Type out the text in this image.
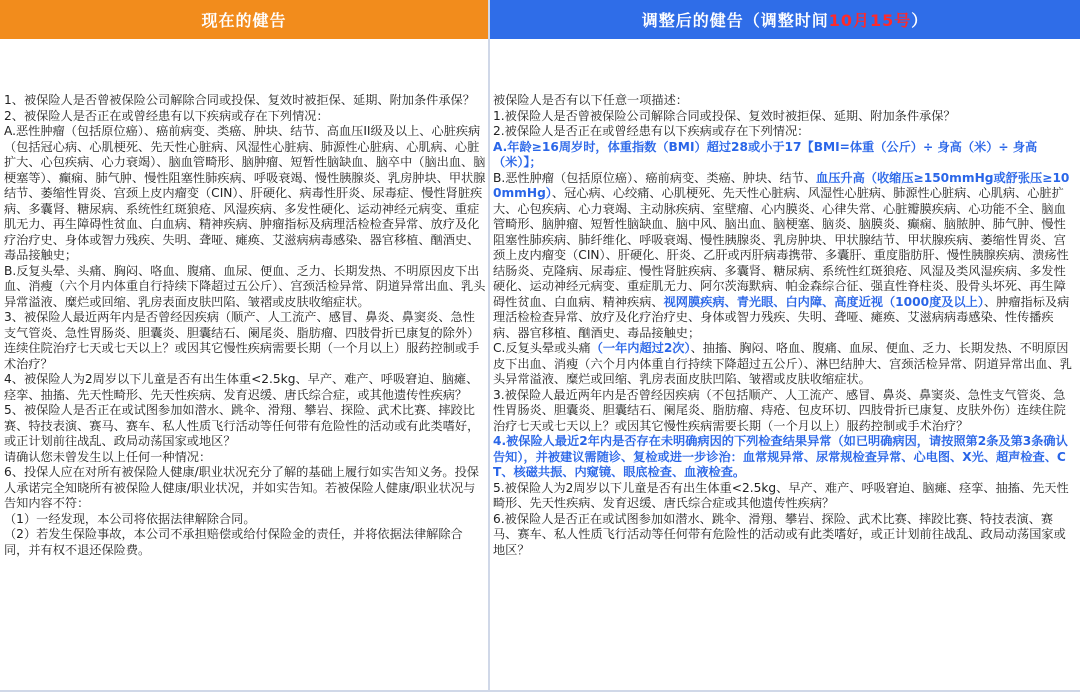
现在的健告	调整后的健告（调整时间 10月15号 ）
1、被保险人是否曾被保险公司解除合同或投保、复效时被拒保、延期、附加条件承保？
2、被保险人是否正在或曾经患有以下疾病或存在下列情况：
A.恶性肿瘤（包括原位癌）、癌前病变、类癌、肿块、结节、高血压II级及以上、心脏疾病（包括冠心病、心肌梗死、先天性心脏病、风湿性心脏病、肺源性心脏病、心肌病、心脏扩大、心包疾病、心力衰竭）、脑血管畸形、脑肿瘤、短暂性脑缺血、脑卒中（脑出血、脑梗塞等）、癫痫、肺气肿、慢性阻塞性肺疾病、呼吸衰竭、慢性胰腺炎、乳房肿块、甲状腺结节、萎缩性胃炎、宫颈上皮内瘤变（CIN）、肝硬化、病毒性肝炎、尿毒症、慢性肾脏疾病、多囊肾、糖尿病、系统性红斑狼疮、风湿疾病、多发性硬化、运动神经元病变、重症肌无力、再生障碍性贫血、白血病、精神疾病、肿瘤指标及病理活检检查异常、放疗及化疗治疗史、身体或智力残疾、失明、聋哑、瘫痪、艾滋病病毒感染、器官移植、酗酒史、毒品接触史；
B.反复头晕、头痛、胸闷、咯血、腹痛、血尿、便血、乏力、长期发热、不明原因皮下出血、消瘦（六个月内体重自行持续下降超过五公斤）、宫颈活检异常、阴道异常出血、乳头异常溢液、糜烂或回缩、乳房表面皮肤凹陷、皱褶或皮肤收缩症状。
3、被保险人最近两年内是否曾经因疾病（顺产、人工流产、感冒、鼻炎、鼻窦炎、急性支气管炎、急性胃肠炎、胆囊炎、胆囊结石、阑尾炎、脂肪瘤、四肢骨折已康复的除外）连续住院治疗七天或七天以上？或因其它慢性疾病需要长期（一个月以上）服药控制或手术治疗？
4、被保险人为2周岁以下儿童是否有出生体重<2.5kg、早产、难产、呼吸窘迫、脑瘫、痉挛、抽搐、先天性畸形、先天性疾病、发育迟缓、唐氏综合症，或其他遗传性疾病？
5、被保险人是否正在或试图参加如潜水、跳伞、滑翔、攀岩、探险、武术比赛、摔跤比赛、特技表演、赛马、赛车、私人性质飞行活动等任何带有危险性的活动或有此类嗜好，或正计划前往战乱、政局动荡国家或地区？
请确认您未曾发生以上任何一种情况：
6、投保人应在对所有被保险人健康/职业状况充分了解的基础上履行如实告知义务。投保人承诺完全知晓所有被保险人健康/职业状况，并如实告知。若被保险人健康/职业状况与告知内容不符：
（1）一经发现，本公司将依据法律解除合同。
（2）若发生保险事故，本公司不承担赔偿或给付保险金的责任，并将依据法律解除合同，并有权不退还保险费。
被保险人是否有以下任意一项描述：
1.被保险人是否曾被保险公司解除合同或投保、复效时被拒保、延期、附加条件承保？
2.被保险人是否正在或曾经患有以下疾病或存在下列情况：
A.年龄≥16周岁时，体重指数（BMI）超过28或小于17【BMI=体重（公斤）÷ 身高（米）÷ 身高（米）】；
B.恶性肿瘤（包括原位癌）、癌前病变、类癌、肿块、结节、血压升高（收缩压≥150mmHg或舒张压≥100mmHg）、冠心病、心绞痛、心肌梗死、先天性心脏病、风湿性心脏病、肺源性心脏病、心肌病、心脏扩大、心包疾病、心力衰竭、主动脉疾病、室壁瘤、心内膜炎、心律失常、心脏瓣膜疾病、心功能不全、脑血管畸形、脑肿瘤、短暂性脑缺血、脑中风、脑出血、脑梗塞、脑炎、脑膜炎、癫痫、脑脓肿、肺气肿、慢性阻塞性肺疾病、肺纤维化、呼吸衰竭、慢性胰腺炎、乳房肿块、甲状腺结节、甲状腺疾病、萎缩性胃炎、宫颈上皮内瘤变（CIN）、肝硬化、肝炎、乙肝或丙肝病毒携带、多囊肝、重度脂肪肝、慢性胰腺疾病、溃疡性结肠炎、克隆病、尿毒症、慢性肾脏疾病、多囊肾、糖尿病、系统性红斑狼疮、风湿及类风湿疾病、多发性硬化、运动神经元病变、重症肌无力、阿尔茨海默病、帕金森综合征、强直性脊柱炎、股骨头坏死、再生障碍性贫血、白血病、精神疾病、视网膜疾病、青光眼、白内障、高度近视（1000度及以上）、肿瘤指标及病理活检检查异常、放疗及化疗治疗史、身体或智力残疾、失明、聋哑、瘫痪、艾滋病病毒感染、性传播疾病、器官移植、酗酒史、毒品接触史；
C.反复头晕或头痛（一年内超过2次）、抽搐、胸闷、咯血、腹痛、血尿、便血、乏力、长期发热、不明原因皮下出血、消瘦（六个月内体重自行持续下降超过五公斤）、淋巴结肿大、宫颈活检异常、阴道异常出血、乳头异常溢液、糜烂或回缩、乳房表面皮肤凹陷、皱褶或皮肤收缩症状。
3.被保险人最近两年内是否曾经因疾病（不包括顺产、人工流产、感冒、鼻炎、鼻窦炎、急性支气管炎、急性胃肠炎、胆囊炎、胆囊结石、阑尾炎、脂肪瘤、痔疮、包皮环切、四肢骨折已康复、皮肤外伤）连续住院治疗七天或七天以上？或因其它慢性疾病需要长期（一个月以上）服药控制或手术治疗？
4.被保险人最近2年内是否存在未明确病因的下列检查结果异常（如已明确病因，请按照第2条及第3条确认告知），并被建议需随诊、复检或进一步诊治：血常规异常、尿常规检查异常、心电图、X光、超声检查、CT、核磁共振、内窥镜、眼底检查、血液检查。
5.被保险人为2周岁以下儿童是否有出生体重<2.5kg、早产、难产、呼吸窘迫、脑瘫、痉挛、抽搐、先天性畸形、先天性疾病、发育迟缓、唐氏综合症或其他遗传性疾病？
6.被保险人是否正在或试图参加如潜水、跳伞、滑翔、攀岩、探险、武术比赛、摔跤比赛、特技表演、赛马、赛车、私人性质飞行活动等任何带有危险性的活动或有此类嗜好，或正计划前往战乱、政局动荡国家或地区？
